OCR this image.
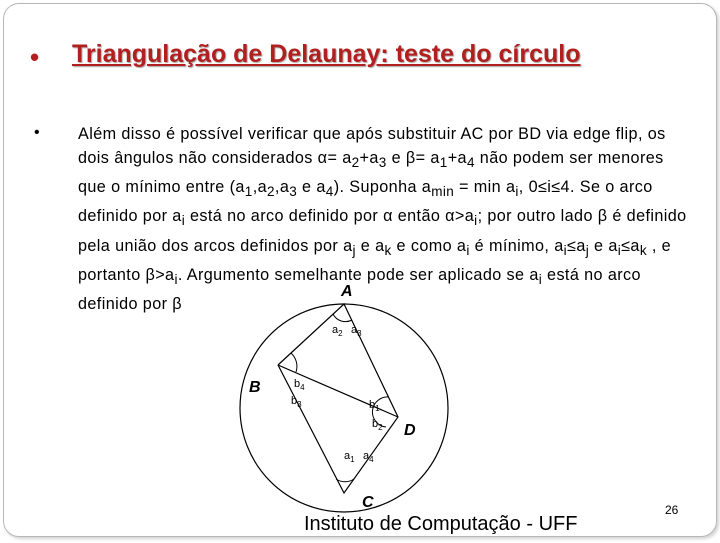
• Triangulação de Delaunay: teste do círculo
• Além disso é possível verificar que após substituir AC por BD via edge flip, os dois ângulos não considerados $\alpha= a_2+a_3$ e $\beta= a_1+a_4$ não podem ser menores que o mínimo entre ($a_1,a_2,a_3$ e $a_4$). Suponha $a_{min} = \min a_i$, 0≤i≤4. Se o arco definido por $a_i$ está no arco definido por α então $\alpha>a_i$; por outro lado β é definido pela união dos arcos definidos por $a_j$ e $a_k$ e como $a_i$ é mínimo, $a_i\le a_j$ e $a_i\le a_k$ , e portanto $\beta>a_i$. Argumento semelhante pode ser aplicado se $a_i$ está no arco definido por β
A
B
D
C
$a_2$ $a_3$
$b_4$
$b_3$	$b_1$
$b_2$
$a_1$ $a_4$
Instituto de Computação - UFF
26
